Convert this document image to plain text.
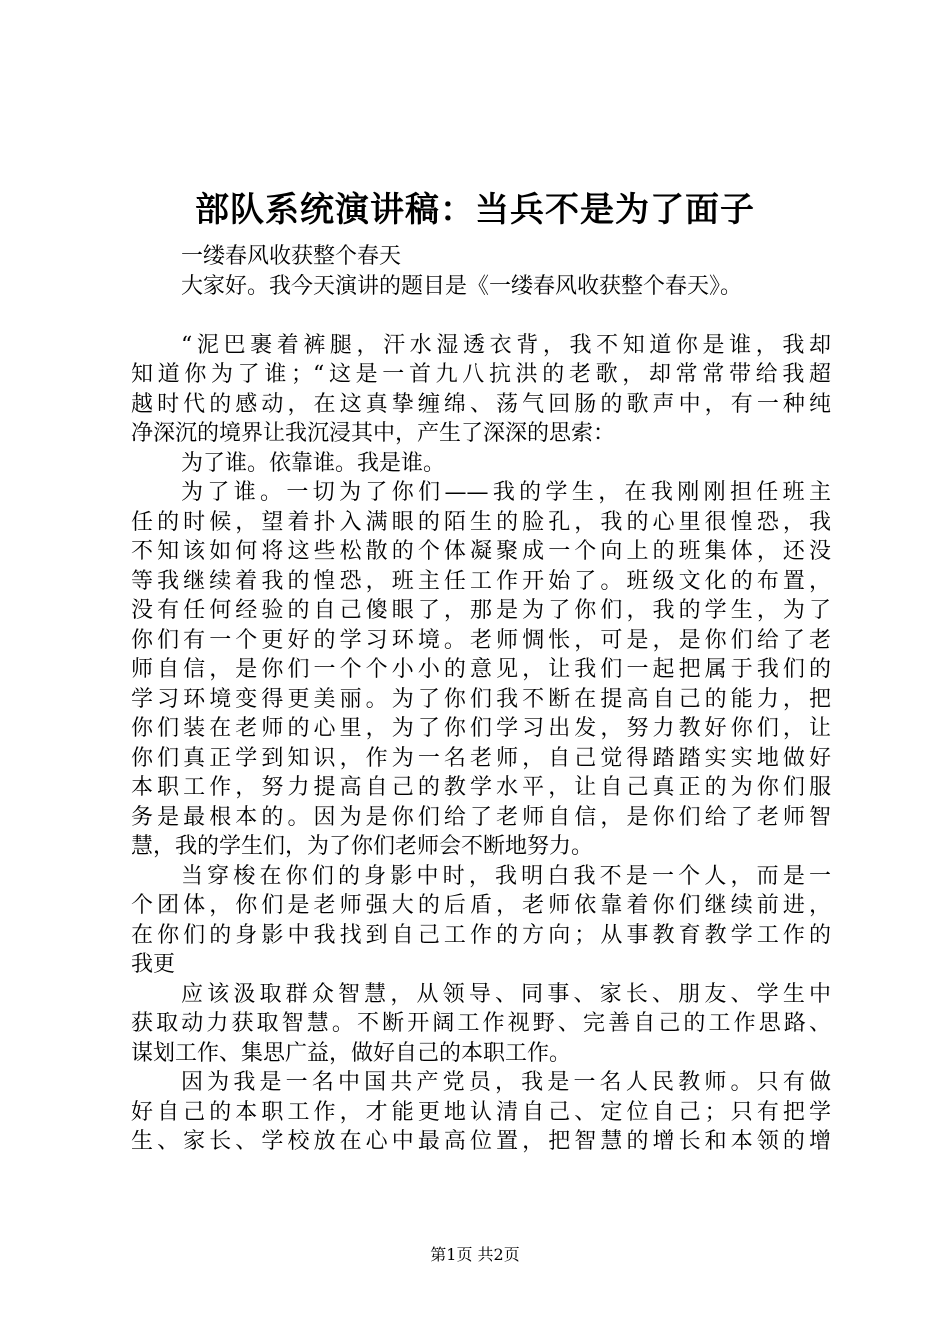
部队系统演讲稿：当兵不是为了面子
一缕春风收获整个春天
大家好。我今天演讲的题目是《一缕春风收获整个春天》。
“泥巴裹着裤腿，汗水湿透衣背，我不知道你是谁，我却
知道你为了谁；“这是一首九八抗洪的老歌，却常常带给我超
越时代的感动，在这真挚缠绵、荡气回肠的歌声中，有一种纯
净深沉的境界让我沉浸其中，产生了深深的思索：
为了谁。依靠谁。我是谁。
为了谁。一切为了你们——我的学生，在我刚刚担任班主
任的时候，望着扑入满眼的陌生的脸孔，我的心里很惶恐，我
不知该如何将这些松散的个体凝聚成一个向上的班集体，还没
等我继续着我的惶恐，班主任工作开始了。班级文化的布置，
没有任何经验的自己傻眼了，那是为了你们，我的学生，为了
你们有一个更好的学习环境。老师惆怅，可是，是你们给了老
师自信，是你们一个个小小的意见，让我们一起把属于我们的
学习环境变得更美丽。为了你们我不断在提高自己的能力，把
你们装在老师的心里，为了你们学习出发，努力教好你们，让
你们真正学到知识，作为一名老师，自己觉得踏踏实实地做好
本职工作，努力提高自己的教学水平，让自己真正的为你们服
务是最根本的。因为是你们给了老师自信，是你们给了老师智
慧，我的学生们，为了你们老师会不断地努力。
当穿梭在你们的身影中时，我明白我不是一个人，而是一
个团体，你们是老师强大的后盾，老师依靠着你们继续前进，
在你们的身影中我找到自己工作的方向；从事教育教学工作的
我更
应该汲取群众智慧，从领导、同事、家长、朋友、学生中
获取动力获取智慧。不断开阔工作视野、完善自己的工作思路、
谋划工作、集思广益，做好自己的本职工作。
因为我是一名中国共产党员，我是一名人民教师。只有做
好自己的本职工作，才能更地认清自己、定位自己；只有把学
生、家长、学校放在心中最高位置，把智慧的增长和本领的增
第1页 共2页
